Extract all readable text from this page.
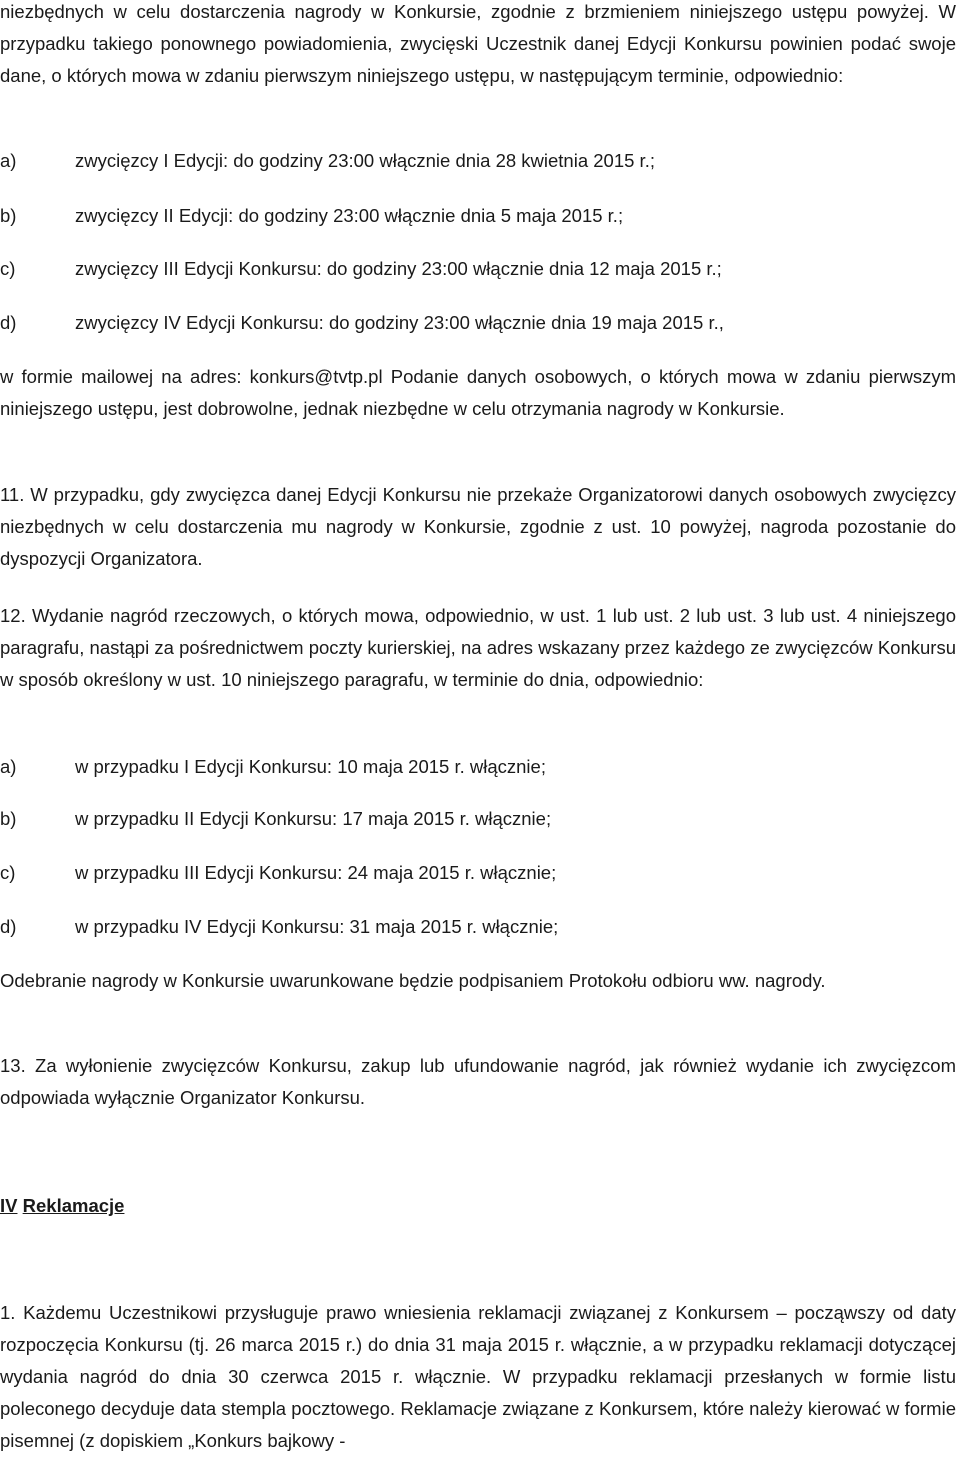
niezbędnych w celu dostarczenia nagrody w Konkursie, zgodnie z brzmieniem niniejszego ustępu powyżej. W przypadku takiego ponownego powiadomienia, zwycięski Uczestnik danej Edycji Konkursu powinien podać swoje dane, o których mowa w zdaniu pierwszym niniejszego ustępu, w następującym terminie, odpowiednio:

a)	zwycięzcy I Edycji: do godziny 23:00 włącznie dnia 28 kwietnia 2015 r.;
b)	zwycięzcy II Edycji: do godziny 23:00 włącznie dnia 5 maja 2015 r.;
c)	zwycięzcy III Edycji Konkursu: do godziny 23:00 włącznie dnia 12 maja 2015 r.;
d)	zwycięzcy IV Edycji Konkursu: do godziny 23:00 włącznie dnia 19 maja 2015 r.,

w formie mailowej na adres: konkurs@tvtp.pl Podanie danych osobowych, o których mowa w zdaniu pierwszym niniejszego ustępu, jest dobrowolne, jednak niezbędne w celu otrzymania nagrody w Konkursie.

11. W przypadku, gdy zwycięzca danej Edycji Konkursu nie przekaże Organizatorowi danych osobowych zwycięzcy niezbędnych w celu dostarczenia mu nagrody w Konkursie, zgodnie z ust. 10 powyżej, nagroda pozostanie do dyspozycji Organizatora.

12. Wydanie nagród rzeczowych, o których mowa, odpowiednio, w ust. 1 lub ust. 2 lub ust. 3 lub ust. 4 niniejszego paragrafu, nastąpi za pośrednictwem poczty kurierskiej, na adres wskazany przez każdego ze zwycięzców Konkursu w sposób określony w ust. 10 niniejszego paragrafu, w terminie do dnia, odpowiednio:

a)	w przypadku I Edycji Konkursu: 10 maja 2015 r. włącznie;
b)	w przypadku II Edycji Konkursu: 17 maja 2015 r. włącznie;
c)	w przypadku III Edycji Konkursu: 24 maja 2015 r. włącznie;
d)	w przypadku IV Edycji Konkursu: 31 maja 2015 r. włącznie;

Odebranie nagrody w Konkursie uwarunkowane będzie podpisaniem Protokołu odbioru ww. nagrody.

13. Za wyłonienie zwycięzców Konkursu, zakup lub ufundowanie nagród, jak również wydanie ich zwycięzcom odpowiada wyłącznie Organizator Konkursu.

IV Reklamacje

1. Każdemu Uczestnikowi przysługuje prawo wniesienia reklamacji związanej z Konkursem – począwszy od daty rozpoczęcia Konkursu (tj. 26 marca 2015 r.) do dnia 31 maja 2015 r. włącznie, a w przypadku reklamacji dotyczącej wydania nagród do dnia 30 czerwca 2015 r. włącznie. W przypadku reklamacji przesłanych w formie listu poleconego decyduje data stempla pocztowego. Reklamacje związane z Konkursem, które należy kierować w formie pisemnej (z dopiskiem „Konkurs bajkowy -
